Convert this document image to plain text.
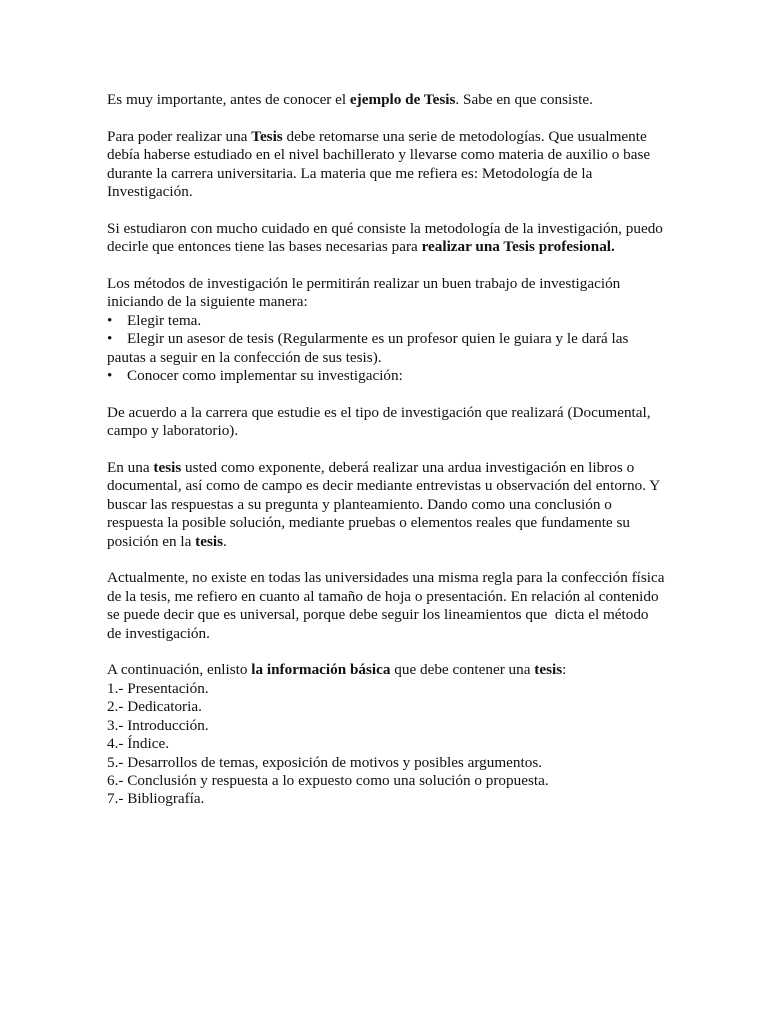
Es muy importante, antes de conocer el ejemplo de Tesis. Sabe en que consiste.

Para poder realizar una Tesis debe retomarse una serie de metodologías. Que usualmente
debía haberse estudiado en el nivel bachillerato y llevarse como materia de auxilio o base
durante la carrera universitaria. La materia que me refiera es: Metodología de la
Investigación.

Si estudiaron con mucho cuidado en qué consiste la metodología de la investigación, puedo
decirle que entonces tiene las bases necesarias para realizar una Tesis profesional.

Los métodos de investigación le permitirán realizar un buen trabajo de investigación
iniciando de la siguiente manera:
• Elegir tema.
• Elegir un asesor de tesis (Regularmente es un profesor quien le guiara y le dará las
pautas a seguir en la confección de sus tesis).
• Conocer como implementar su investigación:

De acuerdo a la carrera que estudie es el tipo de investigación que realizará (Documental,
campo y laboratorio).

En una tesis usted como exponente, deberá realizar una ardua investigación en libros o
documental, así como de campo es decir mediante entrevistas u observación del entorno. Y
buscar las respuestas a su pregunta y planteamiento. Dando como una conclusión o
respuesta la posible solución, mediante pruebas o elementos reales que fundamente su
posición en la tesis.

Actualmente, no existe en todas las universidades una misma regla para la confección física
de la tesis, me refiero en cuanto al tamaño de hoja o presentación. En relación al contenido
se puede decir que es universal, porque debe seguir los lineamientos que  dicta el método
de investigación.

A continuación, enlisto la información básica que debe contener una tesis:
1.- Presentación.
2.- Dedicatoria.
3.- Introducción.
4.- Índice.
5.- Desarrollos de temas, exposición de motivos y posibles argumentos.
6.- Conclusión y respuesta a lo expuesto como una solución o propuesta.
7.- Bibliografía.
